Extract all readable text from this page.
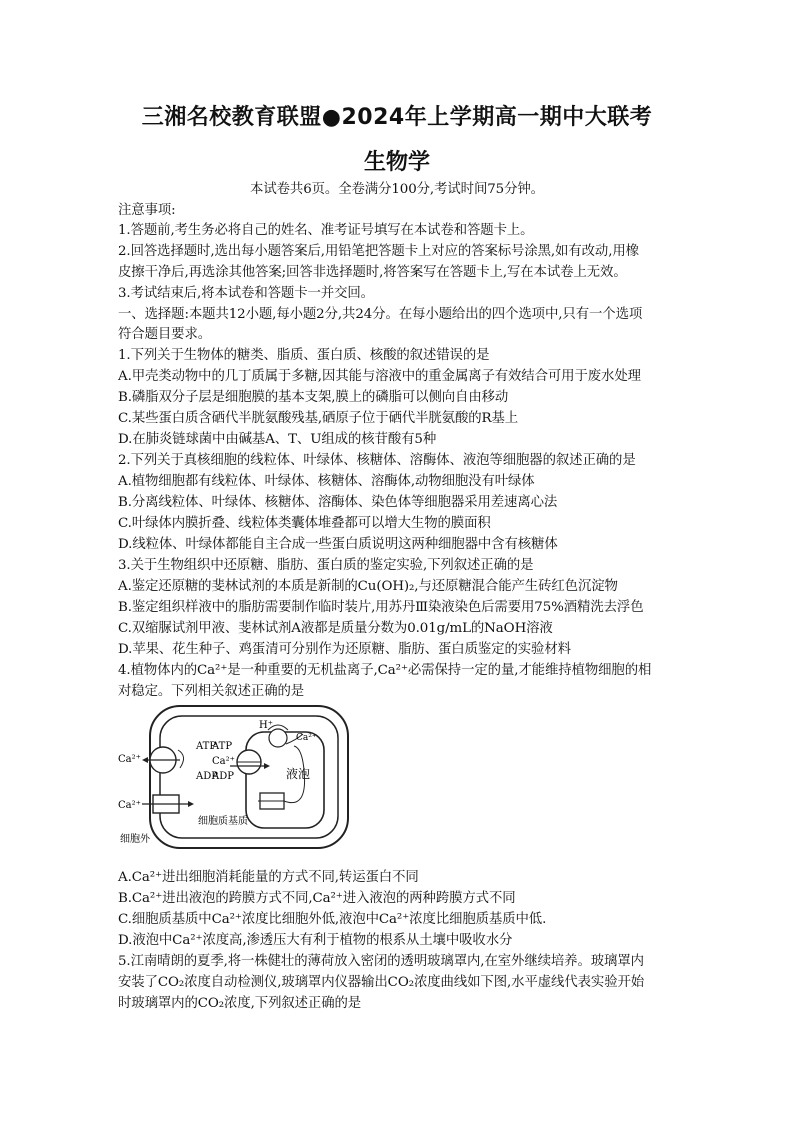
三湘名校教育联盟●2024年上学期高一期中大联考
生物学
本试卷共6页。全卷满分100分,考试时间75分钟。
注意事项:
1.答题前,考生务必将自己的姓名、准考证号填写在本试卷和答题卡上。
2.回答选择题时,选出每小题答案后,用铅笔把答题卡上对应的答案标号涂黑,如有改动,用橡
皮擦干净后,再选涂其他答案;回答非选择题时,将答案写在答题卡上,写在本试卷上无效。
3.考试结束后,将本试卷和答题卡一并交回。
一、选择题:本题共12小题,每小题2分,共24分。在每小题给出的四个选项中,只有一个选项
符合题目要求。
1.下列关于生物体的糖类、脂质、蛋白质、核酸的叙述错误的是
A.甲壳类动物中的几丁质属于多糖,因其能与溶液中的重金属离子有效结合可用于废水处理
B.磷脂双分子层是细胞膜的基本支架,膜上的磷脂可以侧向自由移动
C.某些蛋白质含硒代半胱氨酸残基,硒原子位于硒代半胱氨酸的R基上
D.在肺炎链球菌中由碱基A、T、U组成的核苷酸有5种
2.下列关于真核细胞的线粒体、叶绿体、核糖体、溶酶体、液泡等细胞器的叙述正确的是
A.植物细胞都有线粒体、叶绿体、核糖体、溶酶体,动物细胞没有叶绿体
B.分离线粒体、叶绿体、核糖体、溶酶体、染色体等细胞器采用差速离心法
C.叶绿体内膜折叠、线粒体类囊体堆叠都可以增大生物的膜面积
D.线粒体、叶绿体都能自主合成一些蛋白质说明这两种细胞器中含有核糖体
3.关于生物组织中还原糖、脂肪、蛋白质的鉴定实验,下列叙述正确的是
A.鉴定还原糖的斐林试剂的本质是新制的Cu(OH)₂,与还原糖混合能产生砖红色沉淀物
B.鉴定组织样液中的脂肪需要制作临时装片,用苏丹Ⅲ染液染色后需要用75%酒精洗去浮色
C.双缩脲试剂甲液、斐林试剂A液都是质量分数为0.01g/mL的NaOH溶液
D.苹果、花生种子、鸡蛋清可分别作为还原糖、脂肪、蛋白质鉴定的实验材料
4.植物体内的Ca²⁺是一种重要的无机盐离子,Ca²⁺必需保持一定的量,才能维持植物细胞的相
对稳定。下列相关叙述正确的是
ATP
ADP
Ca²⁺
Ca²⁺
ATP
Ca²⁺
ADP
H⁺
Ca²⁺
液泡
细胞质基质
细胞外
A.Ca²⁺进出细胞消耗能量的方式不同,转运蛋白不同
B.Ca²⁺进出液泡的跨膜方式不同,Ca²⁺进入液泡的两种跨膜方式不同
C.细胞质基质中Ca²⁺浓度比细胞外低,液泡中Ca²⁺浓度比细胞质基质中低.
D.液泡中Ca²⁺浓度高,渗透压大有利于植物的根系从土壤中吸收水分
5.江南晴朗的夏季,将一株健壮的薄荷放入密闭的透明玻璃罩内,在室外继续培养。玻璃罩内
安装了CO₂浓度自动检测仪,玻璃罩内仪器输出CO₂浓度曲线如下图,水平虚线代表实验开始
时玻璃罩内的CO₂浓度,下列叙述正确的是
